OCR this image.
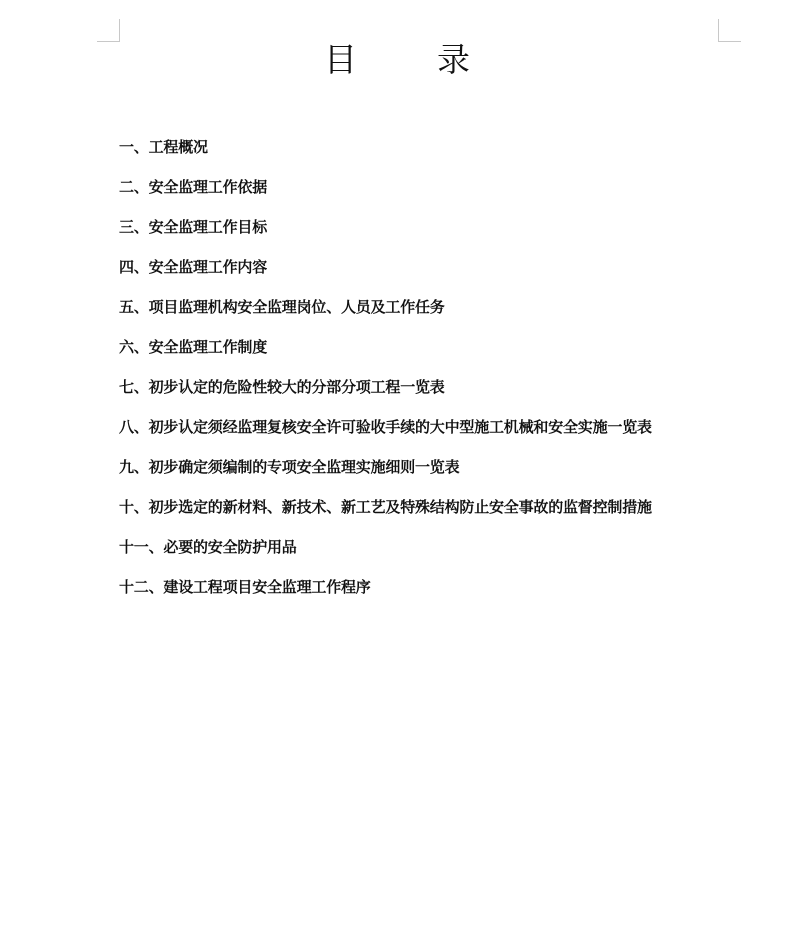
目 录
一、工程概况
二、安全监理工作依据
三、安全监理工作目标
四、安全监理工作内容
五、项目监理机构安全监理岗位、人员及工作任务
六、安全监理工作制度
七、初步认定的危险性较大的分部分项工程一览表
八、初步认定须经监理复核安全许可验收手续的大中型施工机械和安全实施一览表
九、初步确定须编制的专项安全监理实施细则一览表
十、初步选定的新材料、新技术、新工艺及特殊结构防止安全事故的监督控制措施
十一、必要的安全防护用品
十二、建设工程项目安全监理工作程序
